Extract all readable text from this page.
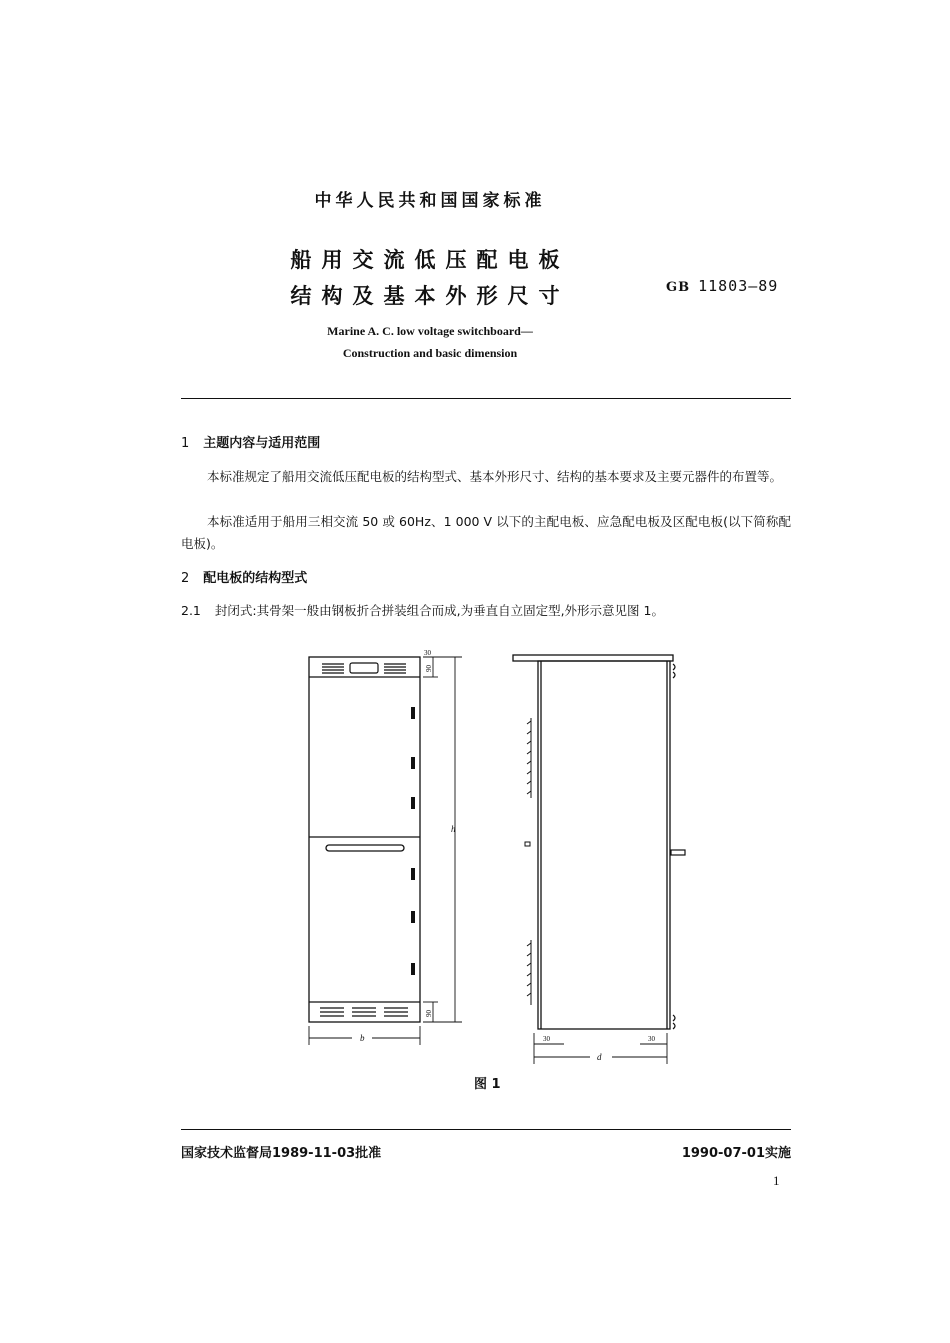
中华人民共和国国家标准
船用交流低压配电板
结构及基本外形尺寸	GB 11803—89
Marine A. C. low voltage switchboard—
Construction and basic dimension
1 主题内容与适用范围
本标准规定了船用交流低压配电板的结构型式、基本外形尺寸、结构的基本要求及主要元器件的布置等。
本标准适用于船用三相交流 50 或 60Hz、1 000 V 以下的主配电板、应急配电板及区配电板(以下简称配电板)。
2 配电板的结构型式
2.1 封闭式:其骨架一般由钢板折合拼装组合而成,为垂直自立固定型,外形示意见图 1。
30
90
h
90
b	30	30
d
图 1
国家技术监督局1989-11-03批准	1990-07-01实施
1
